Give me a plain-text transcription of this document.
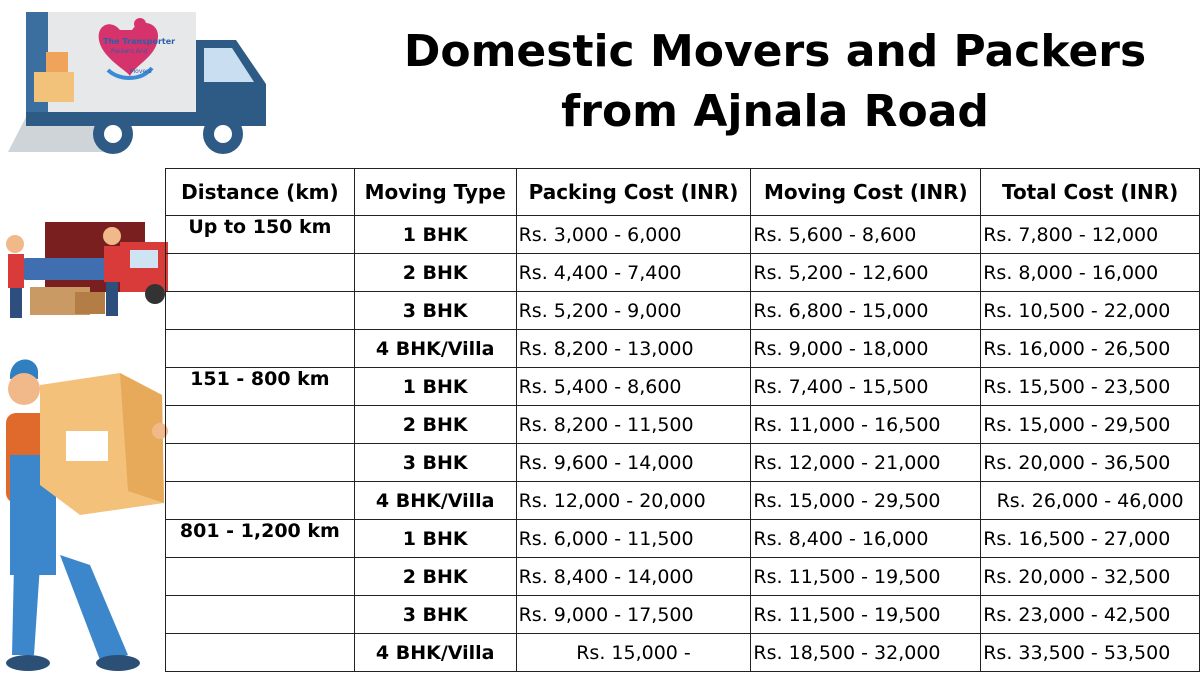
Domestic Movers and Packers
from Ajnala Road
The Transporter
Packers And
Movers
Distance (km)	Moving Type	Packing Cost (INR)	Moving Cost (INR)	Total Cost (INR)
Up to 150 km	1 BHK	Rs. 3,000 - 6,000	Rs. 5,600 - 8,600	Rs. 7,800 - 12,000
	2 BHK	Rs. 4,400 - 7,400	Rs. 5,200 - 12,600	Rs. 8,000 - 16,000
	3 BHK	Rs. 5,200 - 9,000	Rs. 6,800 - 15,000	Rs. 10,500 - 22,000
	4 BHK/Villa	Rs. 8,200 - 13,000	Rs. 9,000 - 18,000	Rs. 16,000 - 26,500
151 - 800 km	1 BHK	Rs. 5,400 - 8,600	Rs. 7,400 - 15,500	Rs. 15,500 - 23,500
	2 BHK	Rs. 8,200 - 11,500	Rs. 11,000 - 16,500	Rs. 15,000 - 29,500
	3 BHK	Rs. 9,600 - 14,000	Rs. 12,000 - 21,000	Rs. 20,000 - 36,500
	4 BHK/Villa	Rs. 12,000 - 20,000	Rs. 15,000 - 29,500	Rs. 26,000 - 46,000
801 - 1,200 km	1 BHK	Rs. 6,000 - 11,500	Rs. 8,400 - 16,000	Rs. 16,500 - 27,000
	2 BHK	Rs. 8,400 - 14,000	Rs. 11,500 - 19,500	Rs. 20,000 - 32,500
	3 BHK	Rs. 9,000 - 17,500	Rs. 11,500 - 19,500	Rs. 23,000 - 42,500
	4 BHK/Villa	Rs. 15,000 -	Rs. 18,500 - 32,000	Rs. 33,500 - 53,500
